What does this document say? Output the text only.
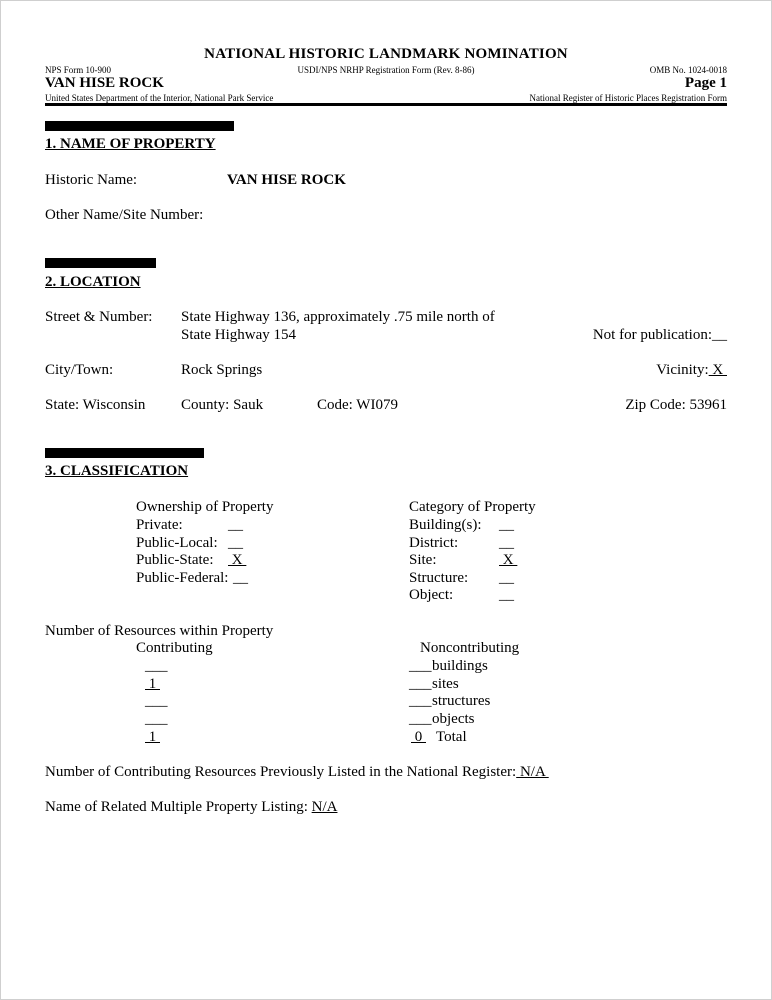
NATIONAL HISTORIC LANDMARK NOMINATION
NPS Form 10-900	USDI/NPS NRHP Registration Form (Rev. 8-86)	OMB No. 1024-0018
VAN HISE ROCK	Page 1
United States Department of the Interior, National Park Service	National Register of Historic Places Registration Form
1. NAME OF PROPERTY
Historic Name:	VAN HISE ROCK
Other Name/Site Number:
2. LOCATION
Street & Number: State Highway 136, approximately .75 mile north of
State Highway 154	Not for publication:__
City/Town:	Rock Springs	Vicinity: X
State: Wisconsin County: Sauk	Code: WI079	Zip Code: 53961
3. CLASSIFICATION
Ownership of Property
Private:	__
Public-Local: __
Public-State: X
Public-Federal: __
Category of Property
Building(s): __
District:	__
Site:	X
Structure: __
Object:	__
Number of Resources within Property
Contributing	Noncontributing
___	___ buildings
1	___ sites
___	___ structures
___	___ objects
1	0 Total
Number of Contributing Resources Previously Listed in the National Register: N/A
Name of Related Multiple Property Listing: N/A
